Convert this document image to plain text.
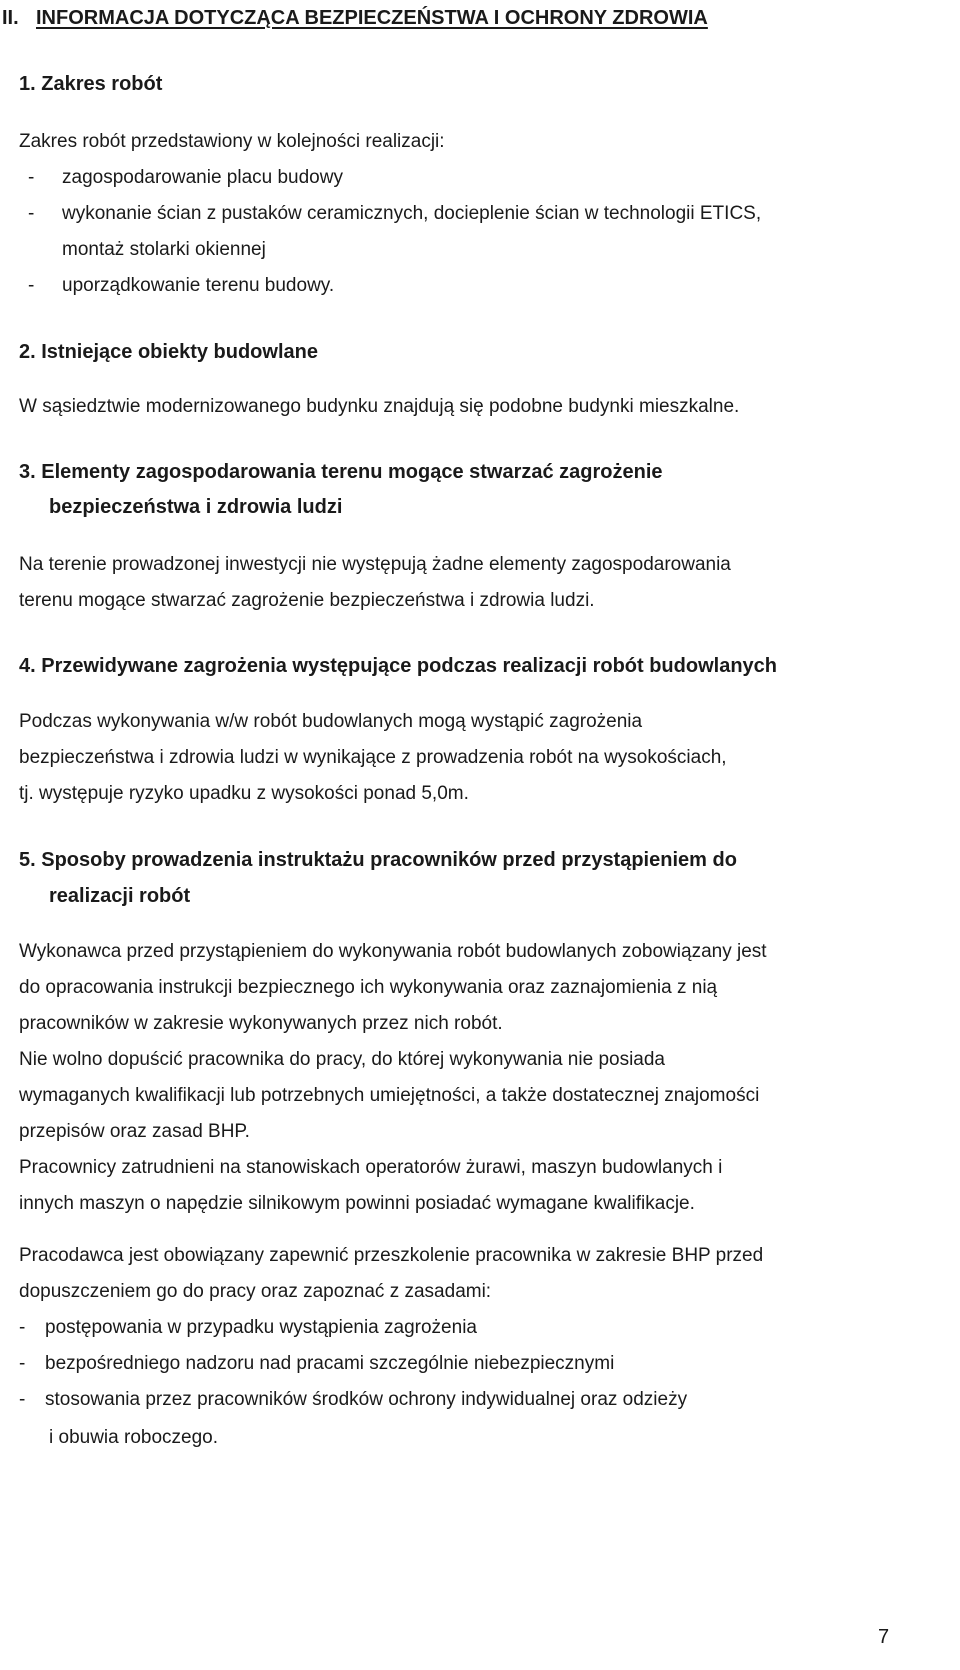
II. INFORMACJA DOTYCZĄCA BEZPIECZEŃSTWA I OCHRONY ZDROWIA
1. Zakres robót
Zakres robót przedstawiony w kolejności realizacji:
- zagospodarowanie placu budowy
- wykonanie ścian z pustaków ceramicznych, docieplenie ścian w technologii ETICS,
montaż stolarki okiennej
- uporządkowanie terenu budowy.
2. Istniejące obiekty budowlane
W sąsiedztwie modernizowanego budynku znajdują się podobne budynki mieszkalne.
3. Elementy zagospodarowania terenu mogące stwarzać zagrożenie
bezpieczeństwa i zdrowia ludzi
Na terenie prowadzonej inwestycji nie występują żadne elementy zagospodarowania
terenu mogące stwarzać zagrożenie bezpieczeństwa i zdrowia ludzi.
4. Przewidywane zagrożenia występujące podczas realizacji robót budowlanych
Podczas wykonywania w/w robót budowlanych mogą wystąpić zagrożenia
bezpieczeństwa i zdrowia ludzi w wynikające z prowadzenia robót na wysokościach,
tj. występuje ryzyko upadku z wysokości ponad 5,0m.
5. Sposoby prowadzenia instruktażu pracowników przed przystąpieniem do
realizacji robót
Wykonawca przed przystąpieniem do wykonywania robót budowlanych zobowiązany jest
do opracowania instrukcji bezpiecznego ich wykonywania oraz zaznajomienia z nią
pracowników w zakresie wykonywanych przez nich robót.
Nie wolno dopuścić pracownika do pracy, do której wykonywania nie posiada
wymaganych kwalifikacji lub potrzebnych umiejętności, a także dostatecznej znajomości
przepisów oraz zasad BHP.
Pracownicy zatrudnieni na stanowiskach operatorów żurawi, maszyn budowlanych i
innych maszyn o napędzie silnikowym powinni posiadać wymagane kwalifikacje.
Pracodawca jest obowiązany zapewnić przeszkolenie pracownika w zakresie BHP przed
dopuszczeniem go do pracy oraz zapoznać z zasadami:
- postępowania w przypadku wystąpienia zagrożenia
- bezpośredniego nadzoru nad pracami szczególnie niebezpiecznymi
- stosowania przez pracowników środków ochrony indywidualnej oraz odzieży
i obuwia roboczego.
7
